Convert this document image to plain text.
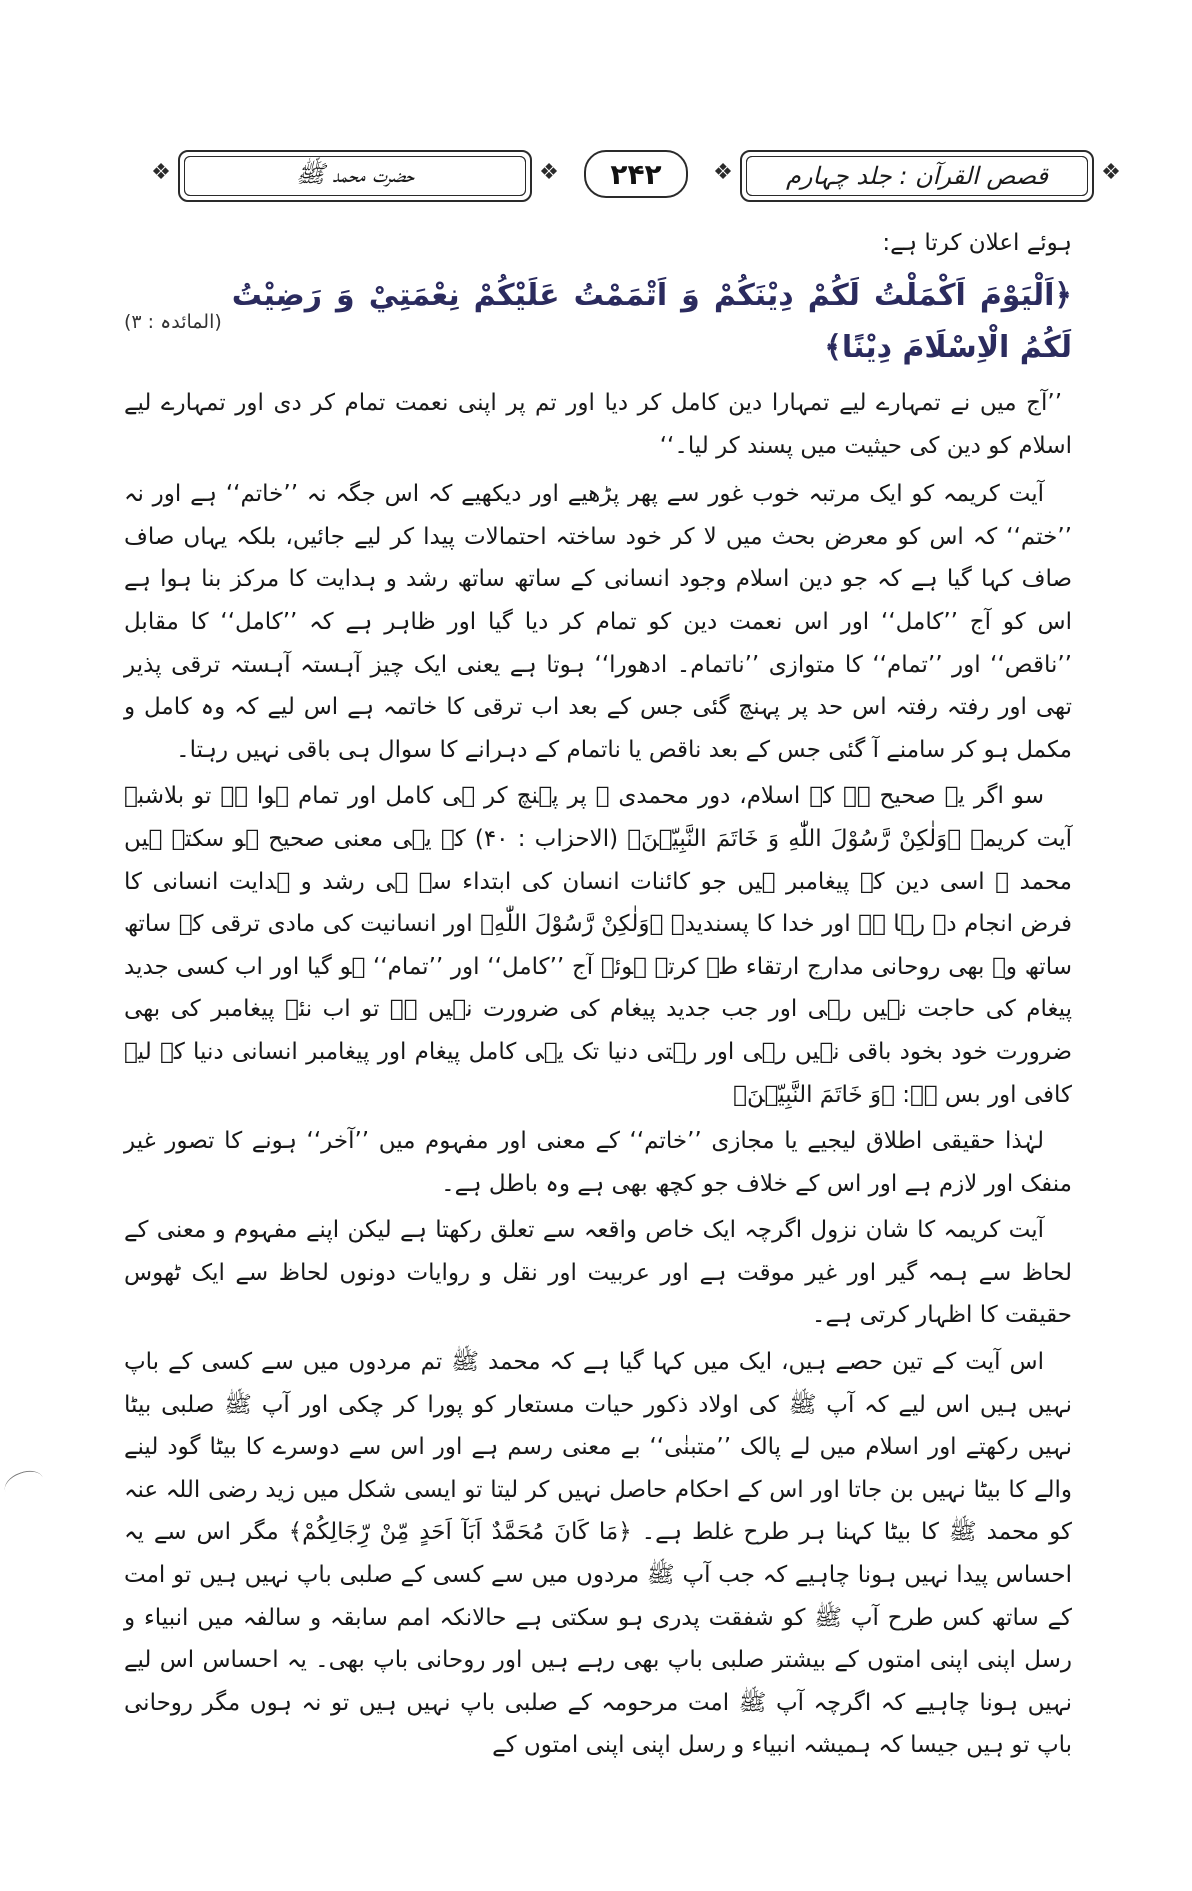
❖
قصص القرآن : جلد چہارم
❖
۲۴۲
❖
حضرت محمد ﷺ
❖

ہوئے اعلان کرتا ہے:

﴿اَلْيَوْمَ اَكْمَلْتُ لَكُمْ دِيْنَكُمْ وَ اَتْمَمْتُ عَلَيْكُمْ نِعْمَتِيْ وَ رَضِيْتُ لَكُمُ الْاِسْلَامَ دِيْنًا﴾
(المائدہ : ۳)

’’آج میں نے تمہارے لیے تمہارا دین کامل کر دیا اور تم پر اپنی نعمت تمام کر دی اور تمہارے لیے اسلام کو دین کی حیثیت میں پسند کر لیا۔‘‘

آیت کریمہ کو ایک مرتبہ خوب غور سے پھر پڑھیے اور دیکھیے کہ اس جگہ نہ ’’خاتم‘‘ ہے اور نہ ’’ختم‘‘ کہ اس کو معرض بحث میں لا کر خود ساختہ احتمالات پیدا کر لیے جائیں، بلکہ یہاں صاف صاف کہا گیا ہے کہ جو دین اسلام وجود انسانی کے ساتھ ساتھ رشد و ہدایت کا مرکز بنا ہوا ہے اس کو آج ’’کامل‘‘ اور اس نعمت دین کو تمام کر دیا گیا اور ظاہر ہے کہ ’’کامل‘‘ کا مقابل ’’ناقص‘‘ اور ’’تمام‘‘ کا متوازی ’’ناتمام۔ ادھورا‘‘ ہوتا ہے یعنی ایک چیز آہستہ آہستہ ترقی پذیر تھی اور رفتہ رفتہ اس حد پر پہنچ گئی جس کے بعد اب ترقی کا خاتمہ ہے اس لیے کہ وہ کامل و مکمل ہو کر سامنے آ گئی جس کے بعد ناقص یا ناتمام کے دہرانے کا سوال ہی باقی نہیں رہتا۔

سو اگر یہ صحیح ہے کہ اسلام، دور محمدی ﷺ پر پہنچ کر ہی کامل اور تمام ہوا ہے تو بلاشبہ آیت کریمہ ﴿وَلٰكِنْ رَّسُوْلَ اللّٰهِ وَ خَاتَمَ النَّبِيّٖنَ﴾ (الاحزاب : ۴۰) کے یہی معنی صحیح ہو سکتے ہیں محمد ﷺ اسی دین کے پیغامبر ہیں جو کائنات انسان کی ابتداء سے ہی رشد و ہدایت انسانی کا فرض انجام دے رہا ہے اور خدا کا پسندیدہ ﴿وَلٰكِنْ رَّسُوْلَ اللّٰهِ﴾ اور انسانیت کی مادی ترقی کے ساتھ ساتھ وہ بھی روحانی مدارج ارتقاء طے کرتے ہوئے آج ’’کامل‘‘ اور ’’تمام‘‘ ہو گیا اور اب کسی جدید پیغام کی حاجت نہیں رہی اور جب جدید پیغام کی ضرورت نہیں ہے تو اب نئے پیغامبر کی بھی ضرورت خود بخود باقی نہیں رہی اور رہتی دنیا تک یہی کامل پیغام اور پیغامبر انسانی دنیا کے لیے کافی اور بس ہے: ﴿وَ خَاتَمَ النَّبِيّٖنَ﴾

لہٰذا حقیقی اطلاق لیجیے یا مجازی ’’خاتم‘‘ کے معنی اور مفہوم میں ’’آخر‘‘ ہونے کا تصور غیر منفک اور لازم ہے اور اس کے خلاف جو کچھ بھی ہے وہ باطل ہے۔

آیت کریمہ کا شان نزول اگرچہ ایک خاص واقعہ سے تعلق رکھتا ہے لیکن اپنے مفہوم و معنی کے لحاظ سے ہمہ گیر اور غیر موقت ہے اور عربیت اور نقل و روایات دونوں لحاظ سے ایک ٹھوس حقیقت کا اظہار کرتی ہے۔

اس آیت کے تین حصے ہیں، ایک میں کہا گیا ہے کہ محمد ﷺ تم مردوں میں سے کسی کے باپ نہیں ہیں اس لیے کہ آپ ﷺ کی اولاد ذکور حیات مستعار کو پورا کر چکی اور آپ ﷺ صلبی بیٹا نہیں رکھتے اور اسلام میں لے پالک ’’متبنٰی‘‘ بے معنی رسم ہے اور اس سے دوسرے کا بیٹا گود لینے والے کا بیٹا نہیں بن جاتا اور اس کے احکام حاصل نہیں کر لیتا تو ایسی شکل میں زید رضی اللہ عنہ کو محمد ﷺ کا بیٹا کہنا ہر طرح غلط ہے۔ ﴿مَا كَانَ مُحَمَّدٌ اَبَآ اَحَدٍ مِّنْ رِّجَالِكُمْ﴾ مگر اس سے یہ احساس پیدا نہیں ہونا چاہیے کہ جب آپ ﷺ مردوں میں سے کسی کے صلبی باپ نہیں ہیں تو امت کے ساتھ کس طرح آپ ﷺ کو شفقت پدری ہو سکتی ہے حالانکہ امم سابقہ و سالفہ میں انبیاء و رسل اپنی اپنی امتوں کے بیشتر صلبی باپ بھی رہے ہیں اور روحانی باپ بھی۔ یہ احساس اس لیے نہیں ہونا چاہیے کہ اگرچہ آپ ﷺ امت مرحومہ کے صلبی باپ نہیں ہیں تو نہ ہوں مگر روحانی باپ تو ہیں جیسا کہ ہمیشہ انبیاء و رسل اپنی اپنی امتوں کے
